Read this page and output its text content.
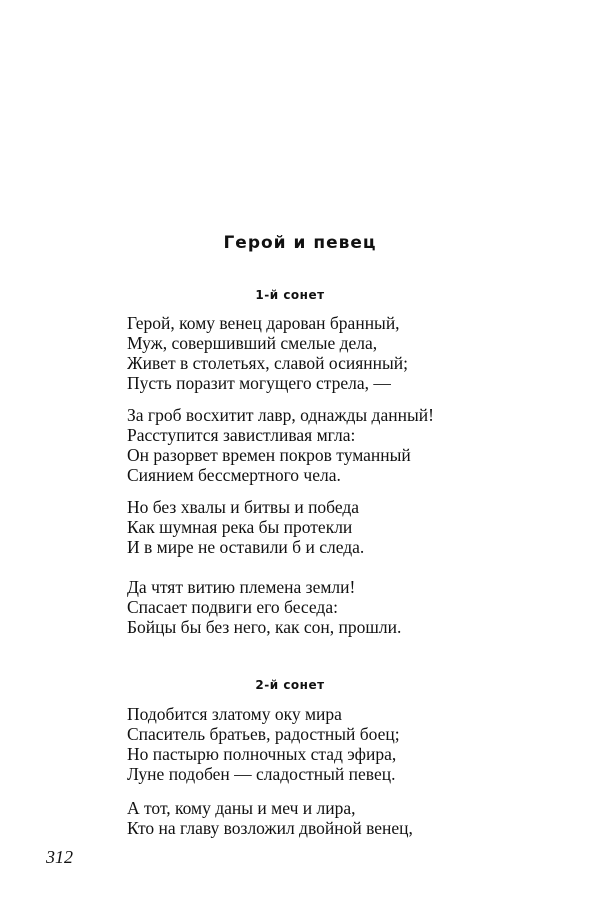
Герой и певец
1-й сонет
Герой, кому венец дарован бранный,
Муж, совершивший смелые дела,
Живет в столетьях, славой осиянный;
Пусть поразит могущего стрела, —
За гроб восхитит лавр, однажды данный!
Расступится завистливая мгла:
Он разорвет времен покров туманный
Сиянием бессмертного чела.
Но без хвалы и битвы и победа
Как шумная река бы протекли
И в мире не оставили б и следа.
Да чтят витию племена земли!
Спасает подвиги его беседа:
Бойцы бы без него, как сон, прошли.
2-й сонет
Подобится златому оку мира
Спаситель братьев, радостный боец;
Но пастырю полночных стад эфира,
Луне подобен — сладостный певец.
А тот, кому даны и меч и лира,
Кто на главу возложил двойной венец,

312
